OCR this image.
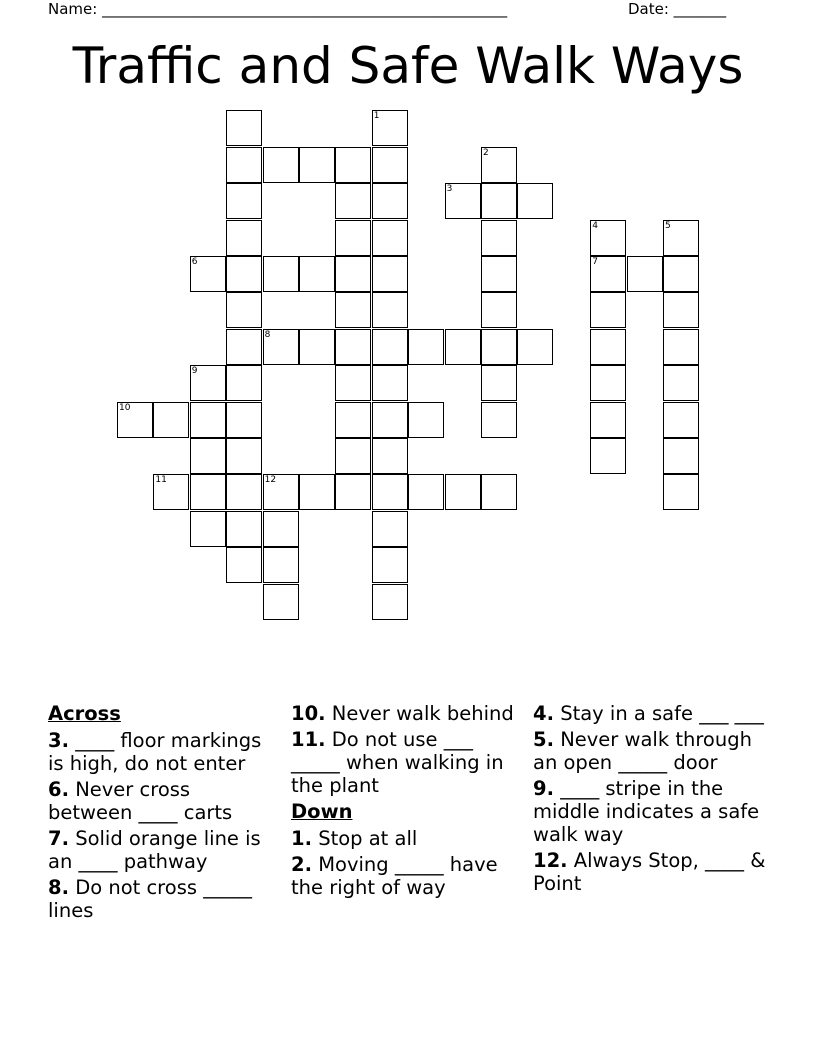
Name: ______________________________________________________	Date: _______
Traffic and Safe Walk Ways
3
4
7
5
6
8
9
10
11	12
1
2
Across
3. ____ floor markings is high, do not enter
6. Never cross between ____ carts
7. Solid orange line is an ____ pathway
8. Do not cross _____ lines
10. Never walk behind
11. Do not use ___ _____ when walking in the plant
Down
1. Stop at all
2. Moving _____ have the right of way
4. Stay in a safe ___ ___
5. Never walk through an open _____ door
9. ____ stripe in the middle indicates a safe walk way
12. Always Stop, ____ & Point
